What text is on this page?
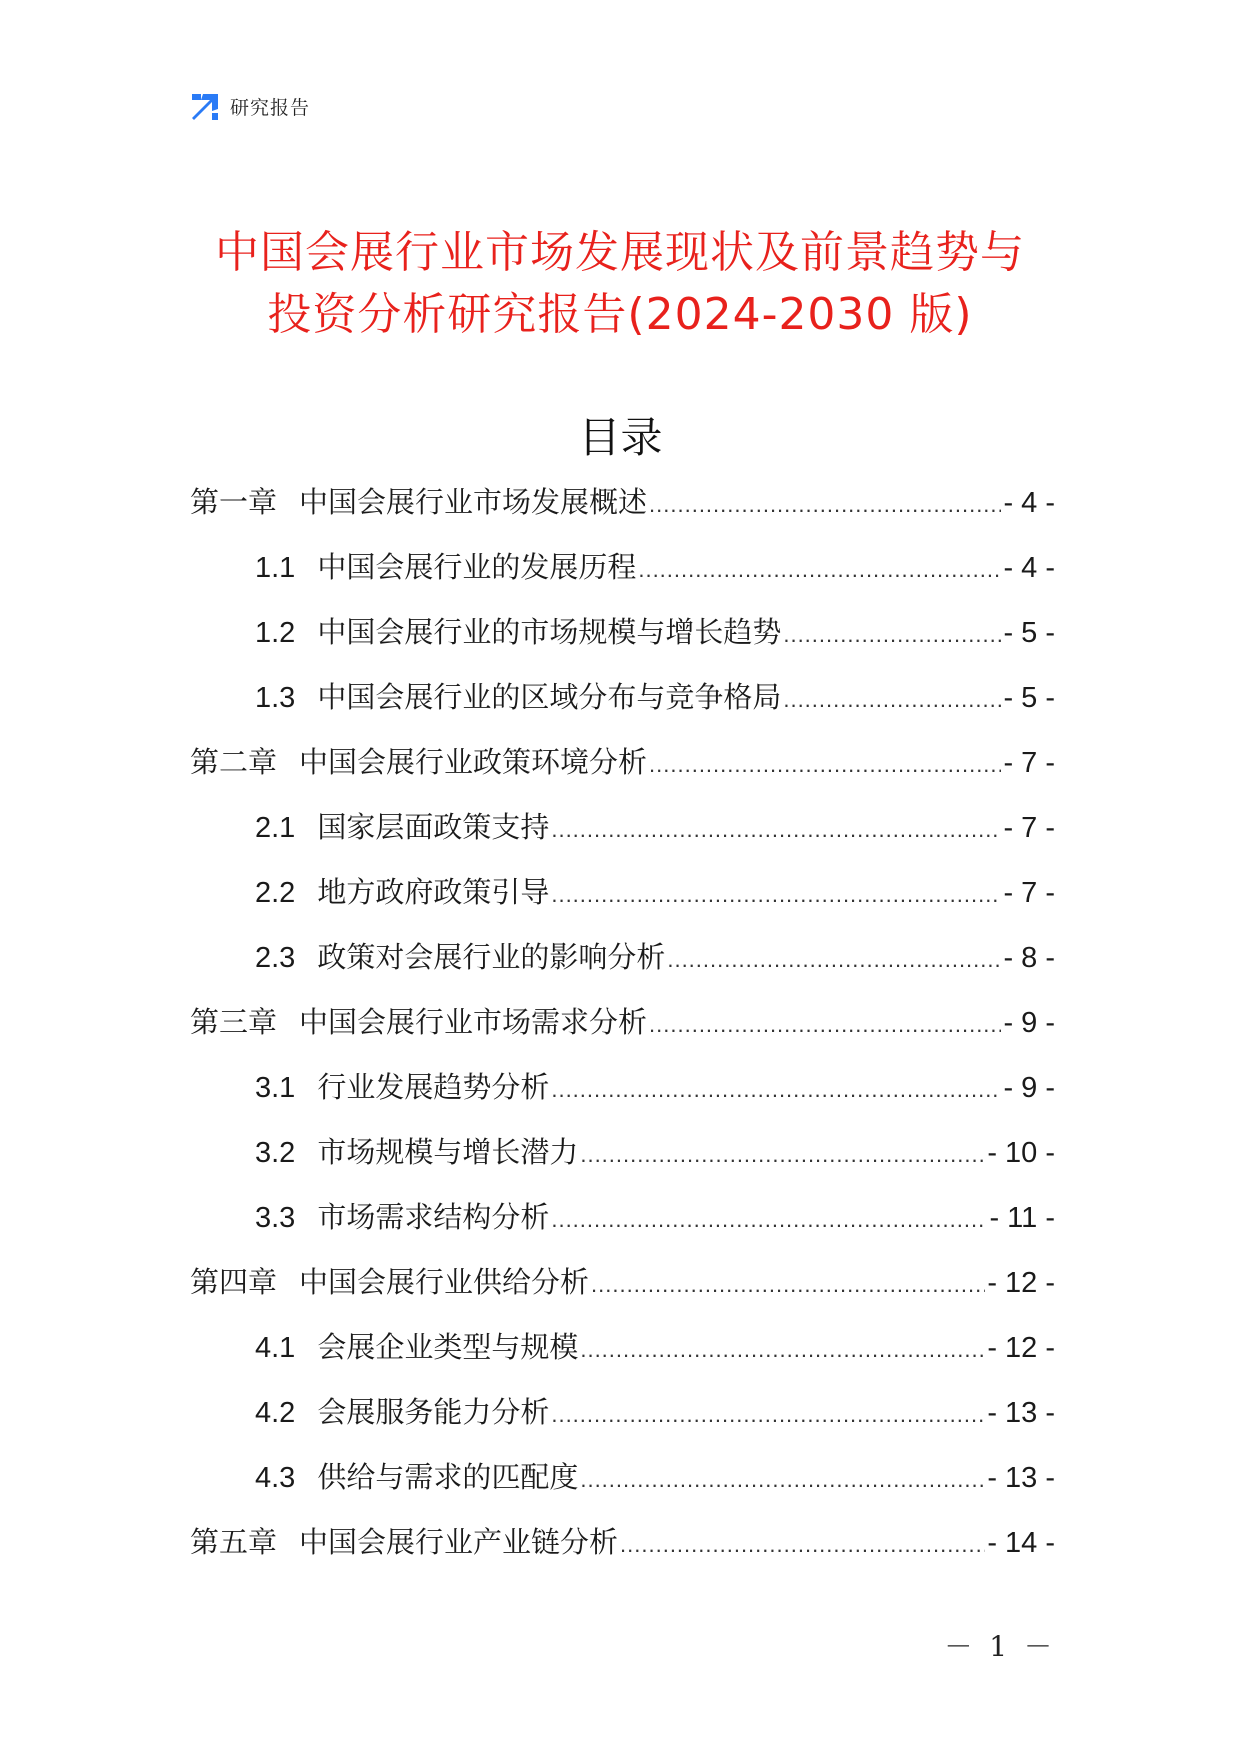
研究报告
中国会展行业市场发展现状及前景趋势与
投资分析研究报告(2024-2030 版)
目录
第一章 中国会展行业市场发展概述 .....	- 4 -
1.1 中国会展行业的发展历程 .....	- 4 -
1.2 中国会展行业的市场规模与增长趋势 .....	- 5 -
1.3 中国会展行业的区域分布与竞争格局 .....	- 5 -
第二章 中国会展行业政策环境分析 .....	- 7 -
2.1 国家层面政策支持 .....	- 7 -
2.2 地方政府政策引导 .....	- 7 -
2.3 政策对会展行业的影响分析 .....	- 8 -
第三章 中国会展行业市场需求分析 .....	- 9 -
3.1 行业发展趋势分析 .....	- 9 -
3.2 市场规模与增长潜力 .....	- 10 -
3.3 市场需求结构分析 .....	- 11 -
第四章 中国会展行业供给分析 .....	- 12 -
4.1 会展企业类型与规模 .....	- 12 -
4.2 会展服务能力分析 .....	- 13 -
4.3 供给与需求的匹配度 .....	- 13 -
第五章 中国会展行业产业链分析 .....	- 14 -
－ 1 －
